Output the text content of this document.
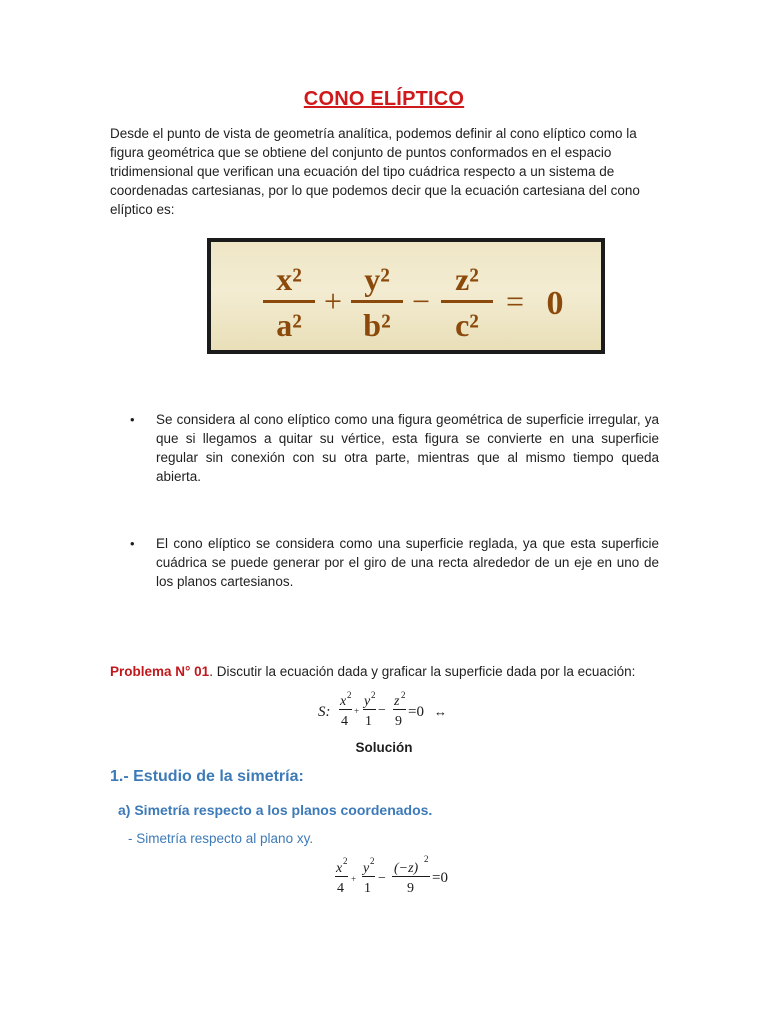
CONO ELÍPTICO
Desde el punto de vista de geometría analítica, podemos definir al cono elíptico como la figura geométrica que se obtiene del conjunto de puntos conformados en el espacio tridimensional que verifican una ecuación del tipo cuádrica respecto a un sistema de coordenadas cartesianas, por lo que podemos decir que la ecuación cartesiana del cono elíptico es:
x²
a²
+
y²
b²
−
z²
c²
= 0
•	Se considera al cono elíptico como una figura geométrica de superficie irregular, ya que si llegamos a quitar su vértice, esta figura se convierte en una superficie regular sin conexión con su otra parte, mientras que al mismo tiempo queda abierta.
•	El cono elíptico se considera como una superficie reglada, ya que esta superficie cuádrica se puede generar por el giro de una recta alrededor de un eje en uno de los planos cartesianos.
Problema N° 01. Discutir la ecuación dada y graficar la superficie dada por la ecuación:
S:
x 2
4
+
y 2
1
−
z 2
9
=0 ↔
Solución
1.- Estudio de la simetría:
a) Simetría respecto a los planos coordenados.
- Simetría respecto al plano xy.
x 2
4
+
y 2
1
−
(−z)
2
9
=0
